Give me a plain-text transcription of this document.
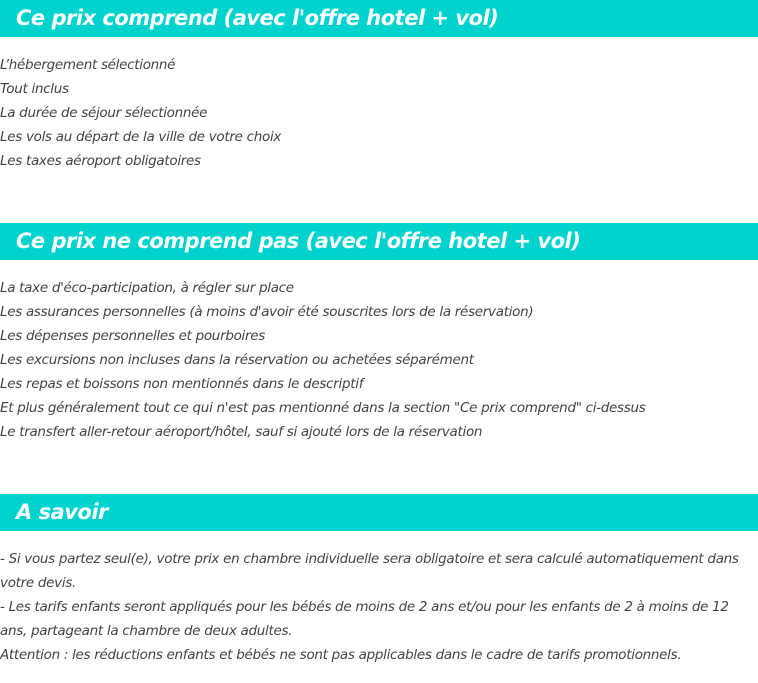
Ce prix comprend (avec l'offre hotel + vol)
L’hébergement sélectionné
Tout inclus
La durée de séjour sélectionnée
Les vols au départ de la ville de votre choix
Les taxes aéroport obligatoires
Ce prix ne comprend pas (avec l'offre hotel + vol)
La taxe d'éco-participation, à régler sur place
Les assurances personnelles (à moins d'avoir été souscrites lors de la réservation)
Les dépenses personnelles et pourboires
Les excursions non incluses dans la réservation ou achetées séparément
Les repas et boissons non mentionnés dans le descriptif
Et plus généralement tout ce qui n'est pas mentionné dans la section "Ce prix comprend" ci-dessus
Le transfert aller-retour aéroport/hôtel, sauf si ajouté lors de la réservation
A savoir

- Si vous partez seul(e), votre prix en chambre individuelle sera obligatoire et sera calculé automatiquement dans votre devis.

- Les tarifs enfants seront appliqués pour les bébés de moins de 2 ans et/ou pour les enfants de 2 à moins de 12 ans, partageant la chambre de deux adultes.

Attention : les réductions enfants et bébés ne sont pas applicables dans le cadre de tarifs promotionnels.
